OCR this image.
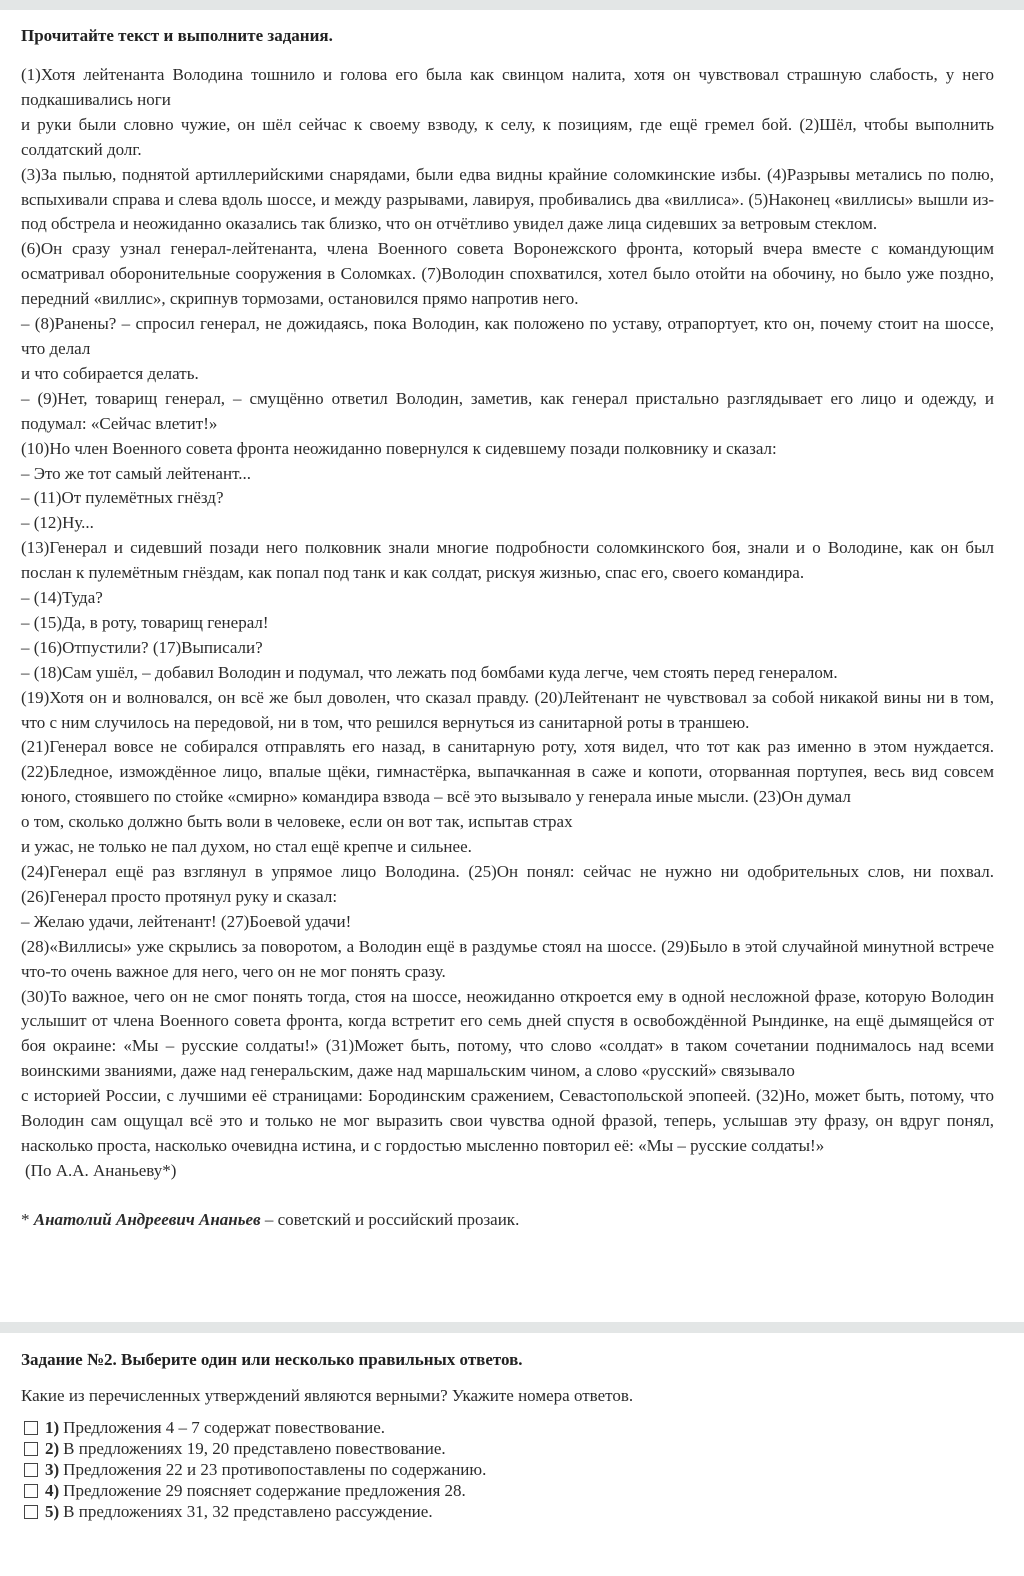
Прочитайте текст и выполните задания.

(1)Хотя лейтенанта Володина тошнило и голова его была как свинцом налита, хотя он чувствовал страшную слабость, у него подкашивались ноги

и руки были словно чужие, он шёл сейчас к своему взводу, к селу, к позициям, где ещё гремел бой. (2)Шёл, чтобы выполнить солдатский долг.

(3)За пылью, поднятой артиллерийскими снарядами, были едва видны крайние соломкинские избы. (4)Разрывы метались по полю, вспыхивали справа и слева вдоль шоссе, и между разрывами, лавируя, пробивались два «виллиса». (5)Наконец «виллисы» вышли из-под обстрела и неожиданно оказались так близко, что он отчётливо увидел даже лица сидевших за ветровым стеклом.

(6)Он сразу узнал генерал-лейтенанта, члена Военного совета Воронежского фронта, который вчера вместе с командующим осматривал оборонительные сооружения в Соломках. (7)Володин спохватился, хотел было отойти на обочину, но было уже поздно, передний «виллис», скрипнув тормозами, остановился прямо напротив него.

– (8)Ранены? – спросил генерал, не дожидаясь, пока Володин, как положено по уставу, отрапортует, кто он, почему стоит на шоссе, что делал

и что собирается делать.

– (9)Нет, товарищ генерал, – смущённо ответил Володин, заметив, как генерал пристально разглядывает его лицо и одежду, и подумал: «Сейчас влетит!»

(10)Но член Военного совета фронта неожиданно повернулся к сидевшему позади полковнику и сказал:

– Это же тот самый лейтенант...

– (11)От пулемётных гнёзд?

– (12)Ну...

(13)Генерал и сидевший позади него полковник знали многие подробности соломкинского боя, знали и о Володине, как он был послан к пулемётным гнёздам, как попал под танк и как солдат, рискуя жизнью, спас его, своего командира.

– (14)Туда?

– (15)Да, в роту, товарищ генерал!

– (16)Отпустили? (17)Выписали?

– (18)Сам ушёл, – добавил Володин и подумал, что лежать под бомбами куда легче, чем стоять перед генералом.

(19)Хотя он и волновался, он всё же был доволен, что сказал правду. (20)Лейтенант не чувствовал за собой никакой вины ни в том, что с ним случилось на передовой, ни в том, что решился вернуться из санитарной роты в траншею.

(21)Генерал вовсе не собирался отправлять его назад, в санитарную роту, хотя видел, что тот как раз именно в этом нуждается. (22)Бледное, измождённое лицо, впалые щёки, гимнастёрка, выпачканная в саже и копоти, оторванная портупея, весь вид совсем юного, стоявшего по стойке «смирно» командира взвода – всё это вызывало у генерала иные мысли. (23)Он думал

о том, сколько должно быть воли в человеке, если он вот так, испытав страх

и ужас, не только не пал духом, но стал ещё крепче и сильнее.

(24)Генерал ещё раз взглянул в упрямое лицо Володина. (25)Он понял: сейчас не нужно ни одобрительных слов, ни похвал. (26)Генерал просто протянул руку и сказал:

– Желаю удачи, лейтенант! (27)Боевой удачи!

(28)«Виллисы» уже скрылись за поворотом, а Володин ещё в раздумье стоял на шоссе. (29)Было в этой случайной минутной встрече что-то очень важное для него, чего он не мог понять сразу.

(30)То важное, чего он не смог понять тогда, стоя на шоссе, неожиданно откроется ему в одной несложной фразе, которую Володин услышит от члена Военного совета фронта, когда встретит его семь дней спустя в освобождённой Рындинке, на ещё дымящейся от боя окраине: «Мы – русские солдаты!» (31)Может быть, потому, что слово «солдат» в таком сочетании поднималось над всеми воинскими званиями, даже над генеральским, даже над маршальским чином, а слово «русский» связывало

с историей России, с лучшими её страницами: Бородинским сражением, Севастопольской эпопеей. (32)Но, может быть, потому, что Володин сам ощущал всё это и только не мог выразить свои чувства одной фразой, теперь, услышав эту фразу, он вдруг понял, насколько проста, насколько очевидна истина, и с гордостью мысленно повторил её: «Мы – русские солдаты!»

(По А.А. Ананьеву*)

* Анатолий Андреевич Ананьев – советский и российский прозаик.
Задание №2. Выберите один или несколько правильных ответов.
Какие из перечисленных утверждений являются верными? Укажите номера ответов.
1) Предложения 4 – 7 содержат повествование.
2) В предложениях 19, 20 представлено повествование.
3) Предложения 22 и 23 противопоставлены по содержанию.
4) Предложение 29 поясняет содержание предложения 28.
5) В предложениях 31, 32 представлено рассуждение.
